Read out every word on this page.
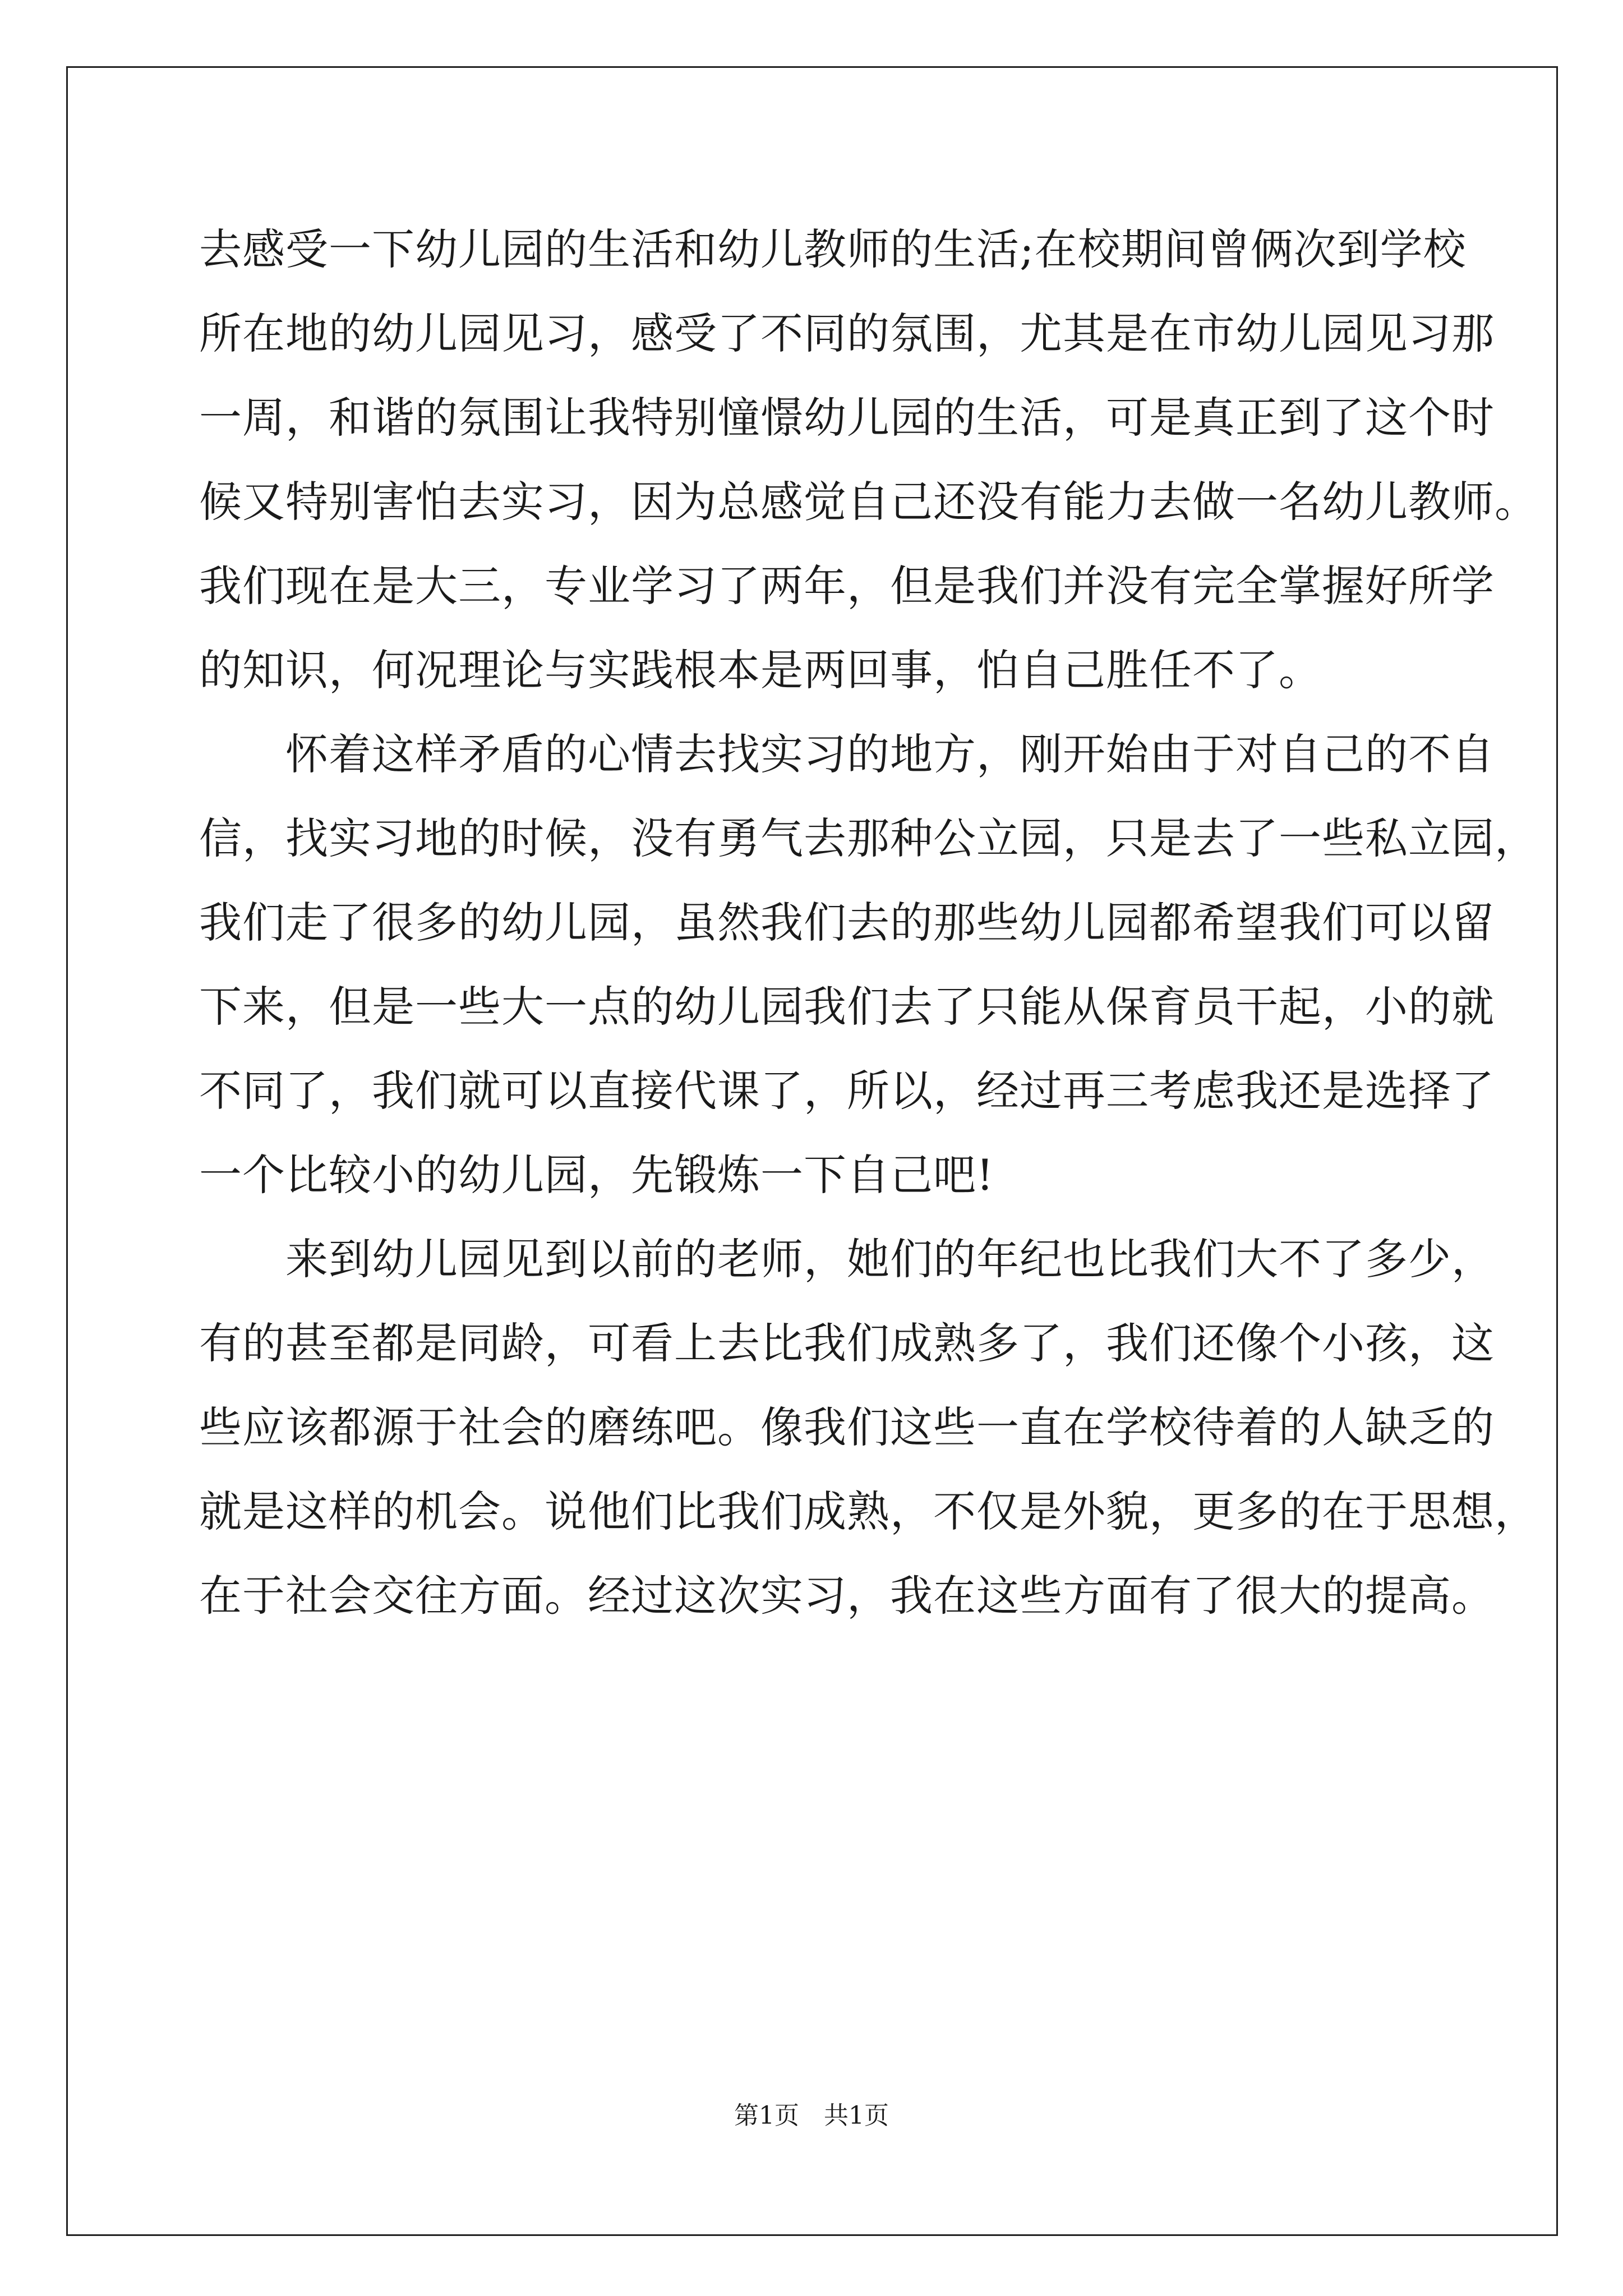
去感受一下幼儿园的生活和幼儿教师的生活;在校期间曾俩次到学校
所在地的幼儿园见习，感受了不同的氛围，尤其是在市幼儿园见习那
一周，和谐的氛围让我特别憧憬幼儿园的生活，可是真正到了这个时
候又特别害怕去实习，因为总感觉自己还没有能力去做一名幼儿教师。
我们现在是大三，专业学习了两年，但是我们并没有完全掌握好所学
的知识，何况理论与实践根本是两回事，怕自己胜任不了。
　　怀着这样矛盾的心情去找实习的地方，刚开始由于对自己的不自
信，找实习地的时候，没有勇气去那种公立园，只是去了一些私立园，
我们走了很多的幼儿园，虽然我们去的那些幼儿园都希望我们可以留
下来，但是一些大一点的幼儿园我们去了只能从保育员干起，小的就
不同了，我们就可以直接代课了，所以，经过再三考虑我还是选择了
一个比较小的幼儿园，先锻炼一下自己吧!
　　来到幼儿园见到以前的老师，她们的年纪也比我们大不了多少，
有的甚至都是同龄，可看上去比我们成熟多了，我们还像个小孩，这
些应该都源于社会的磨练吧。像我们这些一直在学校待着的人缺乏的
就是这样的机会。说他们比我们成熟，不仅是外貌，更多的在于思想，
在于社会交往方面。经过这次实习，我在这些方面有了很大的提高。
第1页　共1页
